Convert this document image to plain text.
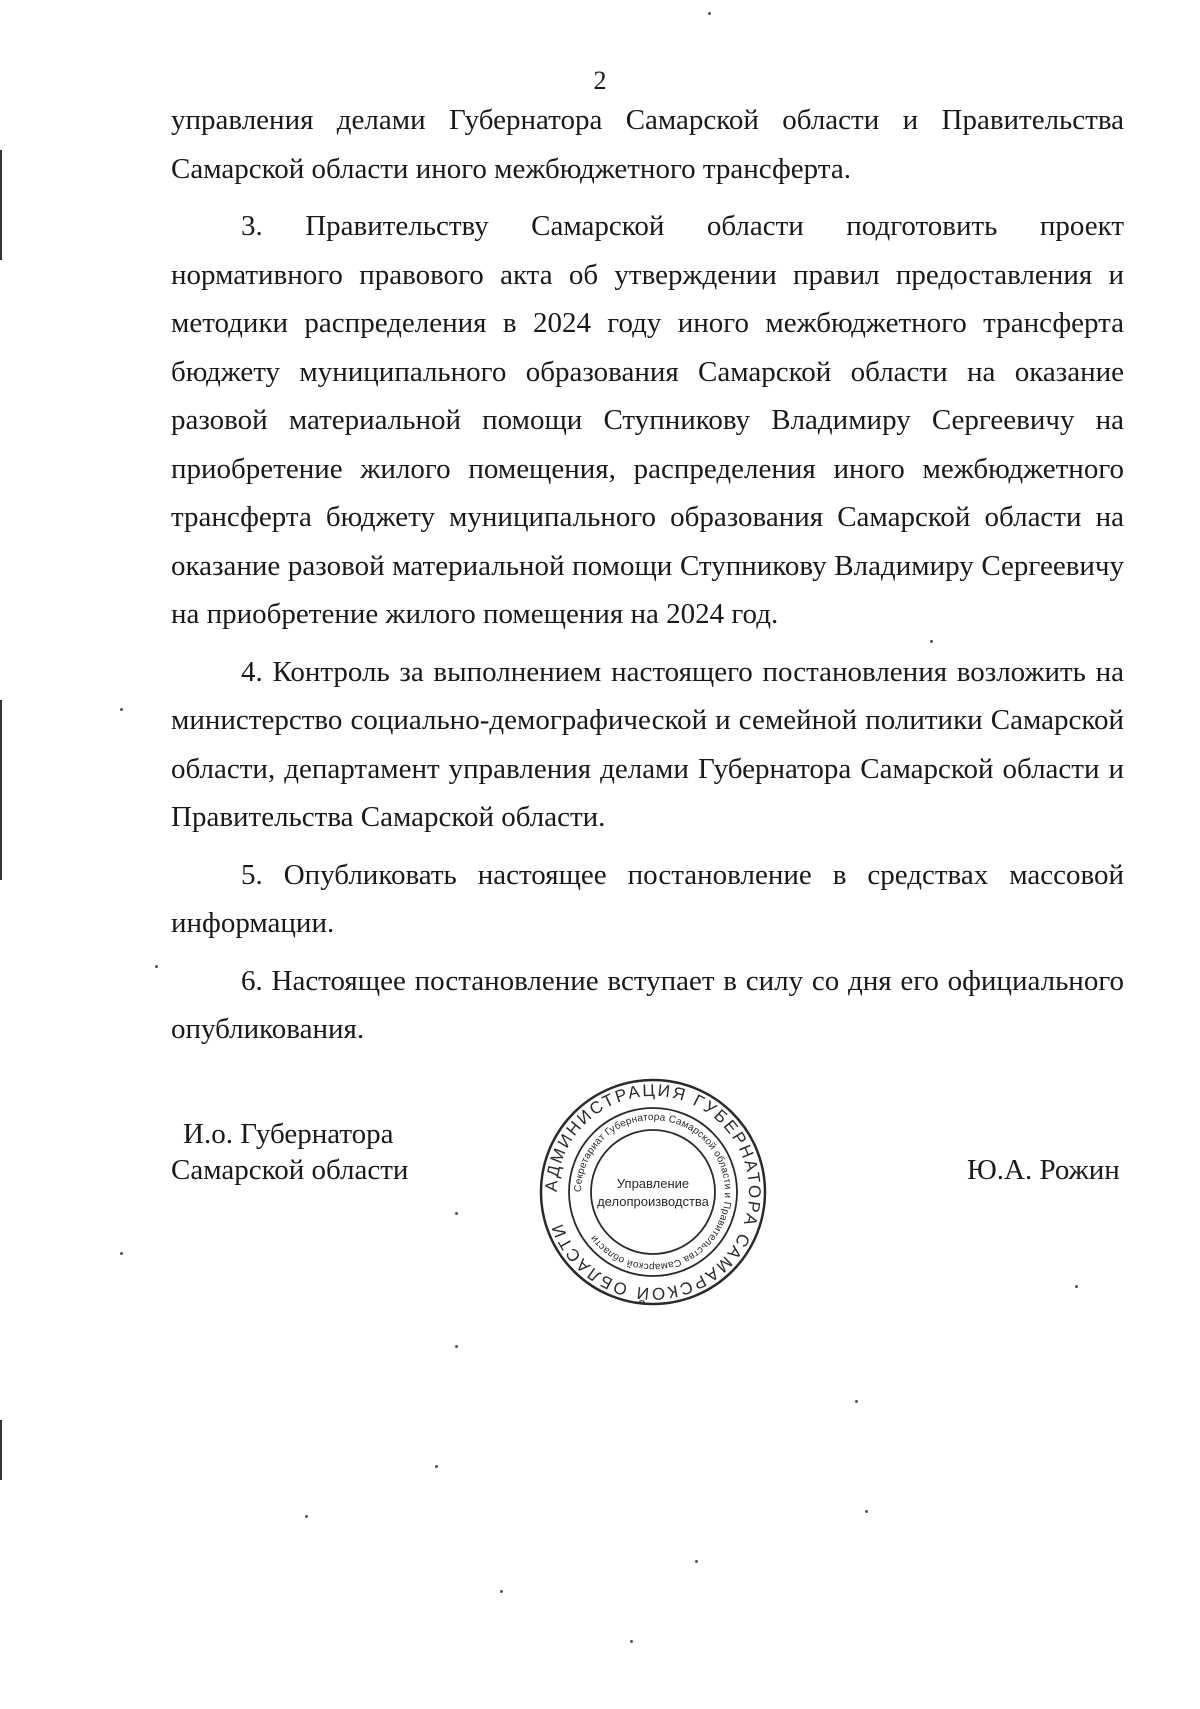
2

управления делами Губернатора Самарской области и Правительства Самарской области иного межбюджетного трансферта.

3. Правительству Самарской области подготовить проект нормативного правового акта об утверждении правил предоставления и методики распределения в 2024 году иного межбюджетного трансферта бюджету муниципального образования Самарской области на оказание разовой материальной помощи Ступникову Владимиру Сергеевичу на приобретение жилого помещения, распределения иного межбюджетного трансферта бюджету муниципального образования Самарской области на оказание разовой материальной помощи Ступникову Владимиру Сергеевичу на приобретение жилого помещения на 2024 год.

4. Контроль за выполнением настоящего постановления возложить на министерство социально-демографической и семейной политики Самарской области, департамент управления делами Губернатора Самарской области и Правительства Самарской области.

5. Опубликовать настоящее постановление в средствах массовой информации.

6. Настоящее постановление вступает в силу со дня его официального опубликования.

И.о. Губернатора
Самарской области	АДМИНИСТРАЦИЯ ГУБЕРНАТОРА САМАРСКОЙ ОБЛАСТИ
Секретариат Губернатора Самарской области и Правительства Самарской области
Управление
делопроизводства
Ю.А. Рожин
